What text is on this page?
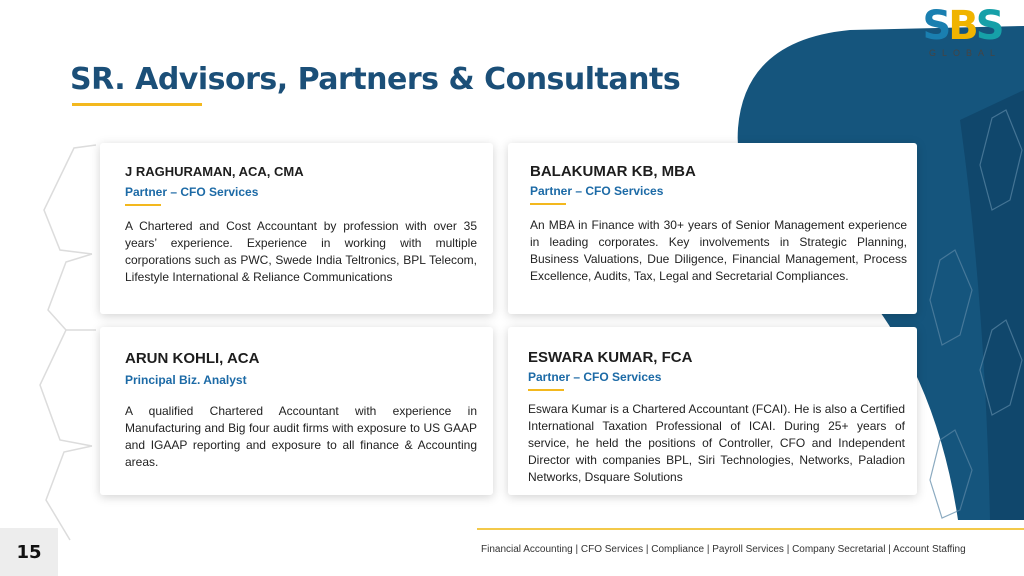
S B S
GLOBAL
SR. Advisors, Partners & Consultants
J RAGHURAMAN, ACA, CMA
Partner – CFO Services
A Chartered and Cost Accountant by profession with over 35 years’ experience. Experience in working with multiple corporations such as PWC, Swede India Teltronics, BPL Telecom, Lifestyle International & Reliance Communications
BALAKUMAR KB, MBA
Partner – CFO Services
An MBA in Finance with 30+ years of Senior Management experience in leading corporates. Key involvements in Strategic Planning, Business Valuations, Due Diligence, Financial Management, Process Excellence, Audits, Tax, Legal and Secretarial Compliances.
ARUN KOHLI, ACA
Principal Biz. Analyst
A qualified Chartered Accountant with experience in Manufacturing and Big four audit firms with exposure to US GAAP and IGAAP reporting and exposure to all finance & Accounting areas.
ESWARA KUMAR, FCA
Partner – CFO Services
Eswara Kumar is a Chartered Accountant (FCAI). He is also a Certified International Taxation Professional of ICAI. During 25+ years of service, he held the positions of Controller, CFO and Independent Director with companies BPL, Siri Technologies, Networks, Paladion Networks, Dsquare Solutions
15	Financial Accounting | CFO Services | Compliance | Payroll Services | Company Secretarial | Account Staffing
